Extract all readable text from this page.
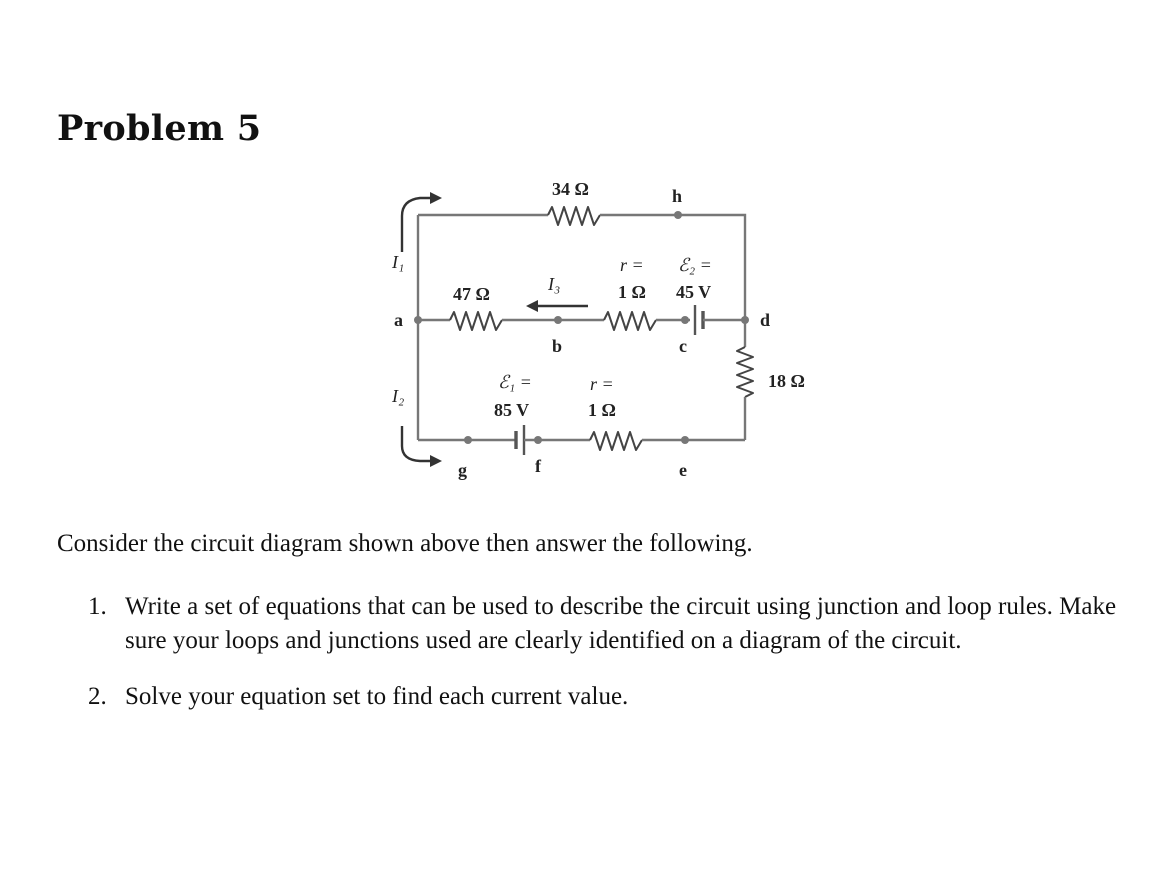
Problem 5
34 Ω	h
I₁	r = ℰ₂ =
47 Ω	I₃	1 Ω 45 V
a	d
b	c
18 Ω
ℰ₁ =	r =
I₂
85 V	1 Ω
g	f	e
Consider the circuit diagram shown above then answer the following.
1. Write a set of equations that can be used to describe the circuit using junction and loop rules. Make sure your loops and junctions used are clearly identified on a diagram of the circuit.
2. Solve your equation set to find each current value.
